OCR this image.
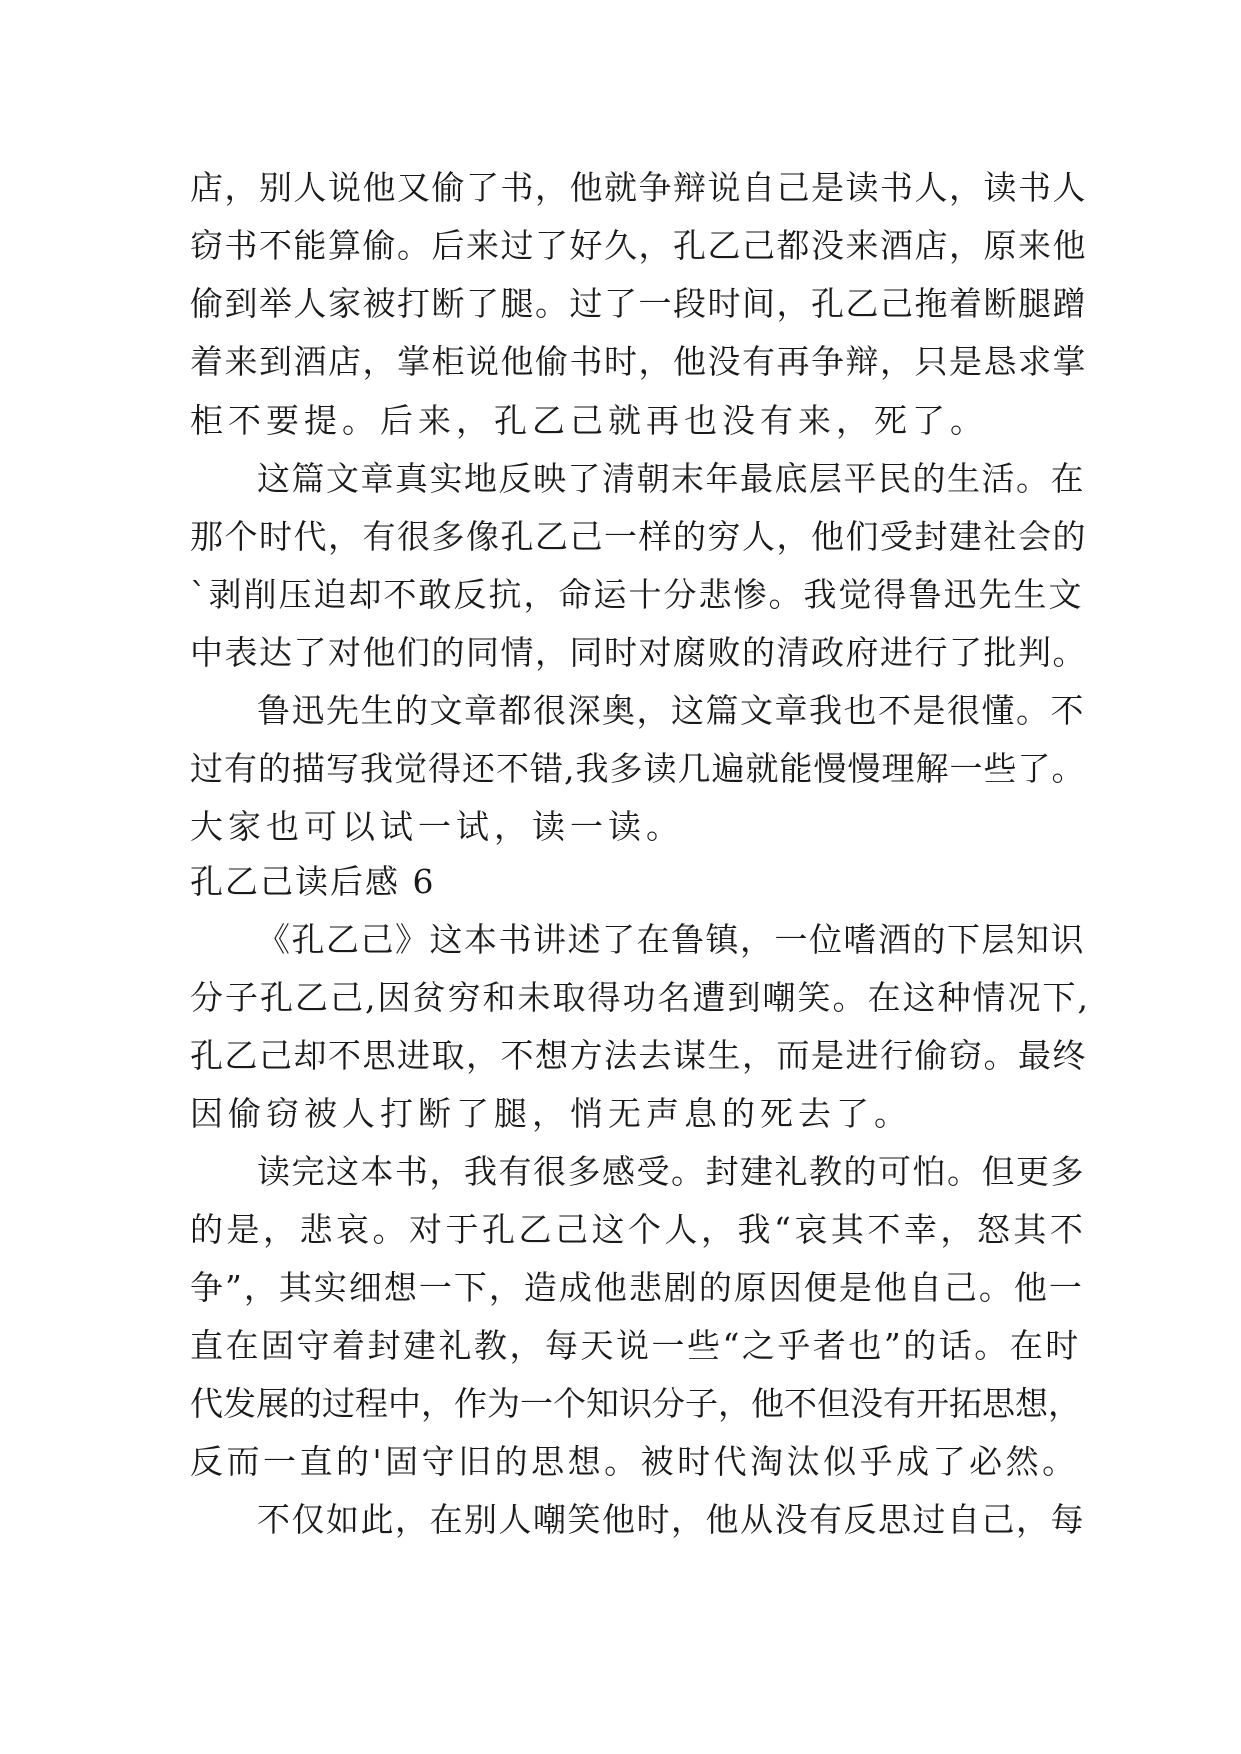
店，别人说他又偷了书，他就争辩说自己是读书人，读书人
窃书不能算偷。后来过了好久，孔乙己都没来酒店，原来他
偷到举人家被打断了腿。过了一段时间，孔乙己拖着断腿蹭
着来到酒店，掌柜说他偷书时，他没有再争辩，只是恳求掌
柜不要提。后来，孔乙己就再也没有来，死了。
这篇文章真实地反映了清朝末年最底层平民的生活。在
那个时代，有很多像孔乙己一样的穷人，他们受封建社会的
`剥削压迫却不敢反抗，命运十分悲惨。我觉得鲁迅先生文
中表达了对他们的同情，同时对腐败的清政府进行了批判。
鲁迅先生的文章都很深奥，这篇文章我也不是很懂。不
过有的描写我觉得还不错,我多读几遍就能慢慢理解一些了。
大家也可以试一试，读一读。
孔乙己读后感 6
《孔乙己》这本书讲述了在鲁镇，一位嗜酒的下层知识
分子孔乙己,因贫穷和未取得功名遭到嘲笑。在这种情况下,
孔乙己却不思进取，不想方法去谋生，而是进行偷窃。最终
因偷窃被人打断了腿，悄无声息的死去了。
读完这本书，我有很多感受。封建礼教的可怕。但更多
的是，悲哀。对于孔乙己这个人，我“哀其不幸，怒其不
争”，其实细想一下，造成他悲剧的原因便是他自己。他一
直在固守着封建礼教，每天说一些“之乎者也”的话。在时
代发展的过程中，作为一个知识分子，他不但没有开拓思想，
反而一直的'固守旧的思想。被时代淘汰似乎成了必然。
不仅如此，在别人嘲笑他时，他从没有反思过自己，每
